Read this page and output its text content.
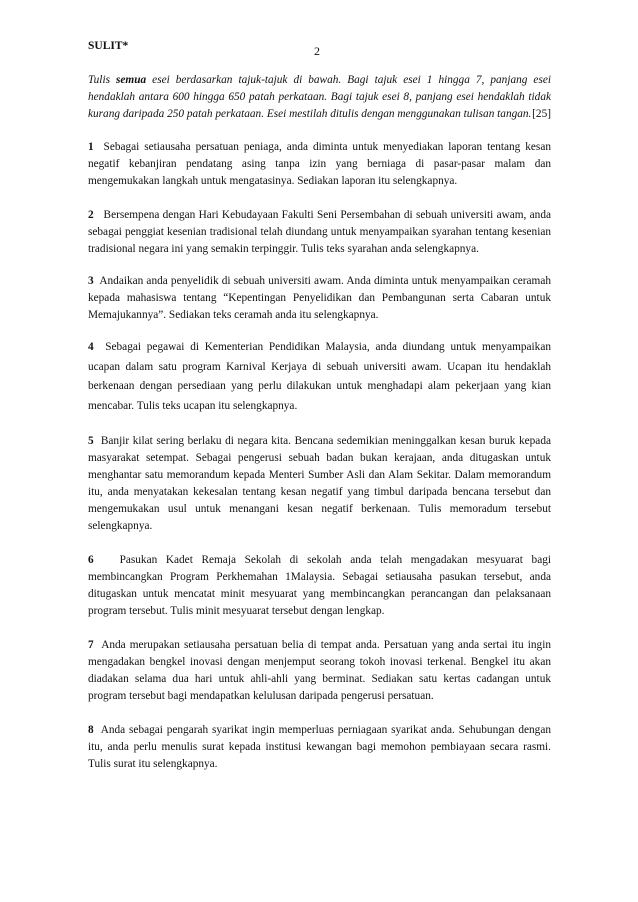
SULIT*	2

Tulis semua esei berdasarkan tajuk-tajuk di bawah. Bagi tajuk esei 1 hingga 7, panjang esei hendaklah antara 600 hingga 650 patah perkataan. Bagi tajuk esei 8, panjang esei hendaklah tidak kurang daripada 250 patah perkataan. Esei mestilah ditulis dengan menggunakan tulisan tangan. [25]

1 Sebagai setiausaha persatuan peniaga, anda diminta untuk menyediakan laporan tentang kesan negatif kebanjiran pendatang asing tanpa izin yang berniaga di pasar-pasar malam dan mengemukakan langkah untuk mengatasinya. Sediakan laporan itu selengkapnya.

2 Bersempena dengan Hari Kebudayaan Fakulti Seni Persembahan di sebuah universiti awam, anda sebagai penggiat kesenian tradisional telah diundang untuk menyampaikan syarahan tentang kesenian tradisional negara ini yang semakin terpinggir. Tulis teks syarahan anda selengkapnya.

3 Andaikan anda penyelidik di sebuah universiti awam. Anda diminta untuk menyampaikan ceramah kepada mahasiswa tentang “Kepentingan Penyelidikan dan Pembangunan serta Cabaran untuk Memajukannya”. Sediakan teks ceramah anda itu selengkapnya.

4 Sebagai pegawai di Kementerian Pendidikan Malaysia, anda diundang untuk menyampaikan ucapan dalam satu program Karnival Kerjaya di sebuah universiti awam. Ucapan itu hendaklah berkenaan dengan persediaan yang perlu dilakukan untuk menghadapi alam pekerjaan yang kian mencabar. Tulis teks ucapan itu selengkapnya.

5 Banjir kilat sering berlaku di negara kita. Bencana sedemikian meninggalkan kesan buruk kepada masyarakat setempat. Sebagai pengerusi sebuah badan bukan kerajaan, anda ditugaskan untuk menghantar satu memorandum kepada Menteri Sumber Asli dan Alam Sekitar. Dalam memorandum itu, anda menyatakan kekesalan tentang kesan negatif yang timbul daripada bencana tersebut dan mengemukakan usul untuk menangani kesan negatif berkenaan. Tulis memoradum tersebut selengkapnya.

6 Pasukan Kadet Remaja Sekolah di sekolah anda telah mengadakan mesyuarat bagi membincangkan Program Perkhemahan 1Malaysia. Sebagai setiausaha pasukan tersebut, anda ditugaskan untuk mencatat minit mesyuarat yang membincangkan perancangan dan pelaksanaan program tersebut. Tulis minit mesyuarat tersebut dengan lengkap.

7 Anda merupakan setiausaha persatuan belia di tempat anda. Persatuan yang anda sertai itu ingin mengadakan bengkel inovasi dengan menjemput seorang tokoh inovasi terkenal. Bengkel itu akan diadakan selama dua hari untuk ahli-ahli yang berminat. Sediakan satu kertas cadangan untuk program tersebut bagi mendapatkan kelulusan daripada pengerusi persatuan.

8 Anda sebagai pengarah syarikat ingin memperluas perniagaan syarikat anda. Sehubungan dengan itu, anda perlu menulis surat kepada institusi kewangan bagi memohon pembiayaan secara rasmi. Tulis surat itu selengkapnya.
